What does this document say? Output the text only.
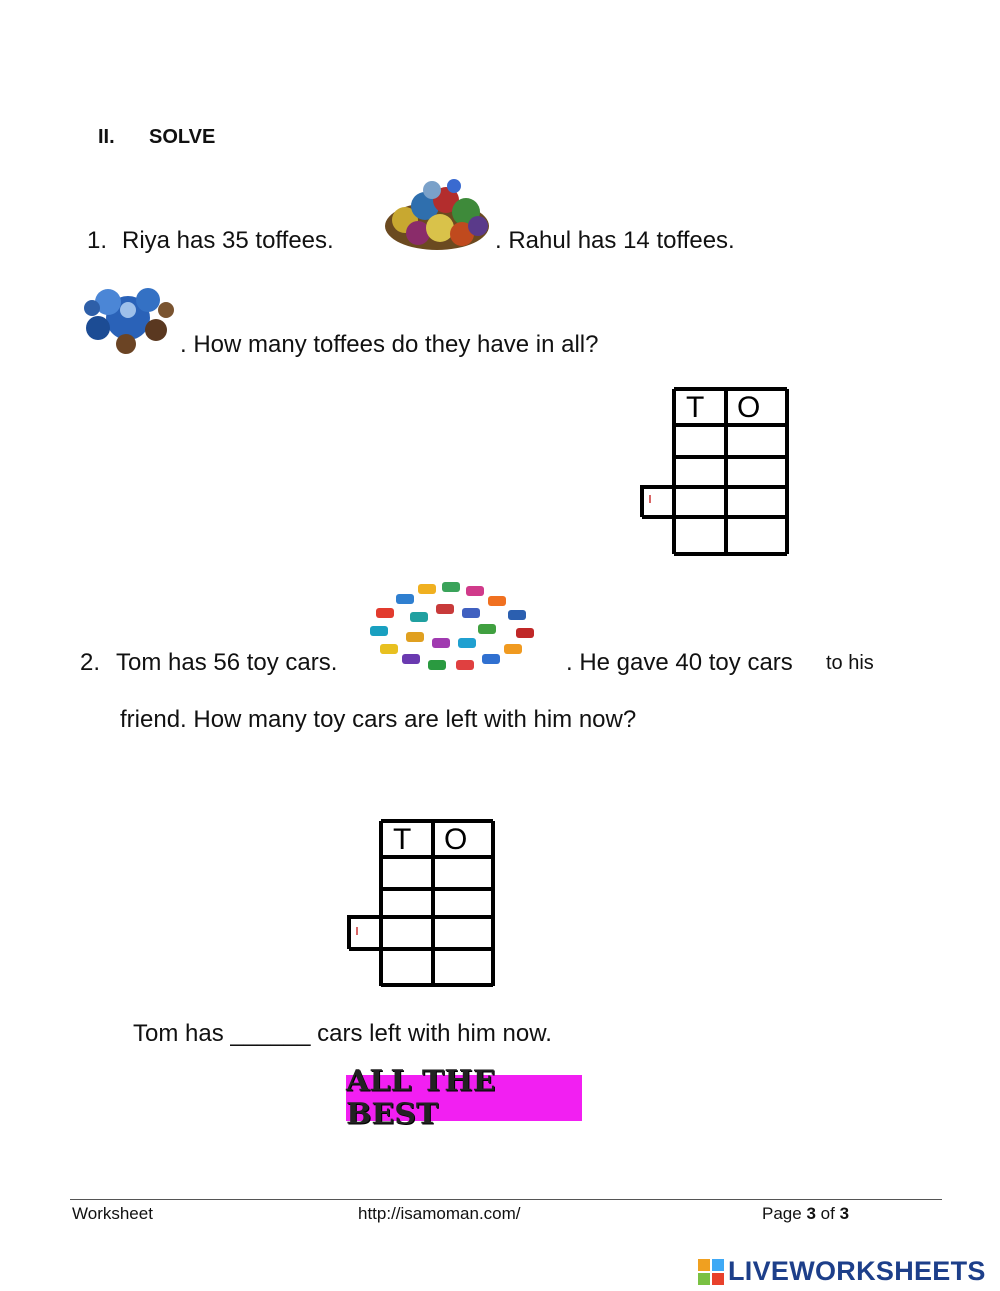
II. SOLVE
1. Riya has 35 toffees.	. Rahul has 14 toffees.
. How many toffees do they have in all?
T O
2. Tom has 56 toy cars.	. He gave 40 toy cars to his
friend. How many toy cars are left with him now?
T O
Tom has ______ cars left with him now.
ALL THE BEST
Worksheet	http://isamoman.com/	Page 3 of 3
LIVEWORKSHEETS
